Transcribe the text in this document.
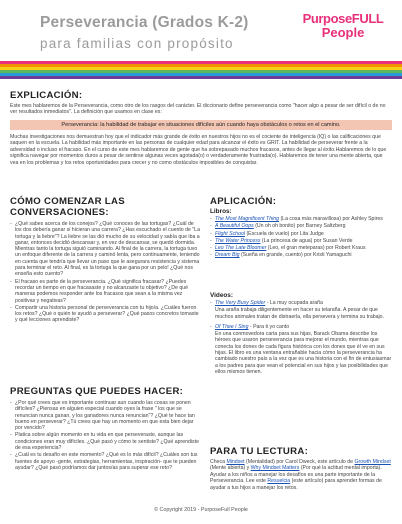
Perseverancia (Grados K-2)
para familias con propósito
PurposeFULL
People
EXPLICACIÓN:
Este mes hablaremos de la Perseverancia, como otro de los rasgos del carácter. El diccionario define perseverancia como "hacer algo a pesar de ser difícil o de no ver resultados inmediatos". La definición que usamos en clase es:
Perseverancia: la habilidad de trabajar en situaciones difíciles aún cuando haya obstáculos o retos en el camino.
Muchas investigaciones nos demuestran hoy que el indicador más grande de éxito en nuestros hijos no es el cociente de inteligencia (IQ) o las calificaciones que saquen en la escuela. La habilidad más importante en las personas de cualquier edad para alcanzar el éxito es GRIT. La habilidad de perseverar frente a la adversidad o incluso el fracaso. En el curso de este mes hablaremos de gente que ha sobrepasado muchos fracasos, antes de llegar al éxito.Hablaremos de lo que significa navegar por momentos duros a pesar de sentirse algunas veces agotada(o) o verdaderamente frustrada(o). Hablaremos de tener una mente abierta, que vea en los problemas y los retos oportunidades para crecer y no como obstáculos imposibles de conquistar.
CÓMO COMENZAR LAS
CONVERSACIONES:
- ¿Qué sabes acerca de los conejos? ¿Qué conoces de las tortugas? ¿Cuál de los dos debería ganar si hicieran una carrera? ¿Has escuchado el cuento de "La tortuga y la liebre"? La liebre se las dió mucho de su velocidad y sabía que iba a ganar, entonces decidió descansar y, en vez de descansar, se quedó dormida. Mientras tanto la tortuga siguió caminando. Al final de la carrera, la tortuga tuvo un enfoque diferente de la carrera y caminó lenta, pero continuamente, teniendo en cuenta que tendría que llevar un paso que le asegurara resistencia y sistema para terminar el reto. Al final, es la tortuga la que gana por un pelo! ¿Qué nos enseña esto cuento?
- El fracaso es parte de la perseverancia. ¿Qué significa fracasar? ¿Puedes recordar un tiempo en que fracasaste y no alcanzaste tu objetivo? ¿De qué maneras podemos responder ante los fracasos que sean a la misma vez positivas y negativas?
- Compartir una historia personal de perseverancia con tu hijo/a. ¿Cuáles fueron los retos? ¿Qué o quién te ayudó a perseverar? ¿Qué pasos concretos tomaste y qué lecciones aprendiste?
PREGUNTAS QUE PUEDES HACER:
- ¿Por qué crees que es importante continuar aun cuando las cosas se ponen difíciles? ¿Piensas en alguien especial cuando oyes la frase " los que se renuncian nunca ganan, y los ganadores nunca renuncian"? ¿Qué te hace tan bueno en perseverar? ¿Tú crees que hay un momento en que esta bien dejar por vencido?
- Platica sobre algún momento en tu vida en que perseveraste, aunque las condiciones eran muy difíciles. ¿Qué pasó y cómo te sentiste? ¿Qué aprendiste de esa experiencia?
- ¿Cuál es tu desafío en este momento? ¿Qué es lo más difícil? ¿Cuáles son tus fuentes de apoyo -gente, estrategias, herramientas, inspiración- que te pueden ayudar? ¿Qué pasó podríamos dar juntos/as para superar ese reto?
APLICACIÓN:
Libros:
- The Most Magnificent Thing (La cosa más maravillosa) por Ashley Spires
- A Beautiful Oops (Un oh oh bonito) por Barney Saltzberg
- Flight School (Escuela de vuelo) por Lita Judge
- The Water Princess (La princesa de agua) por Susan Verde
- Leo The Late Bloomer (Leo, el gran meteparas) por Robert Kraus
- Dream Big (Sueña en grande, cuento) por Kristi Yamaguchi
Videos:
- The Very Busy Spider - La muy ocupada araña
Una araña trabaja diligentemente en hacer su telaraña. A pesar de que muchos animales tratan de distraerla, ella persevera y termina su trabajo.
- Of Thee I Sing - Para ti yo canto
En una conmovedora carta para sus hijas, Barack Obama describe los héroes que usaron perseverancia para mejorar el mundo, mientras que conecta los dones de cada figura histórica con los dones que él ve en sus hijas. El libro es una ventana entrañable hacia cómo la perseverancia ha cambiado nuestro país a la vez que es una historia con el fin de entusiasmar a los padres para que vean el potencial en sus hijos y las posibilidades que ellos mismos tienen.
PARA TU LECTURA:
Checa Mindset (Mentalidad) por Carol Dweck, este artículo de Growth Mindset (Mente abierta) y Why Mindset Matters (Por qué la actitud mental importa). Ayudar a los niños a manejar los desafíos es una parte importante de la Perseverancia. Lee este Resuelcia (este artículo) para aprender formas de ayudar a tus hijos a manejar los retos.
© Copyright 2019 - PurposeFull People
